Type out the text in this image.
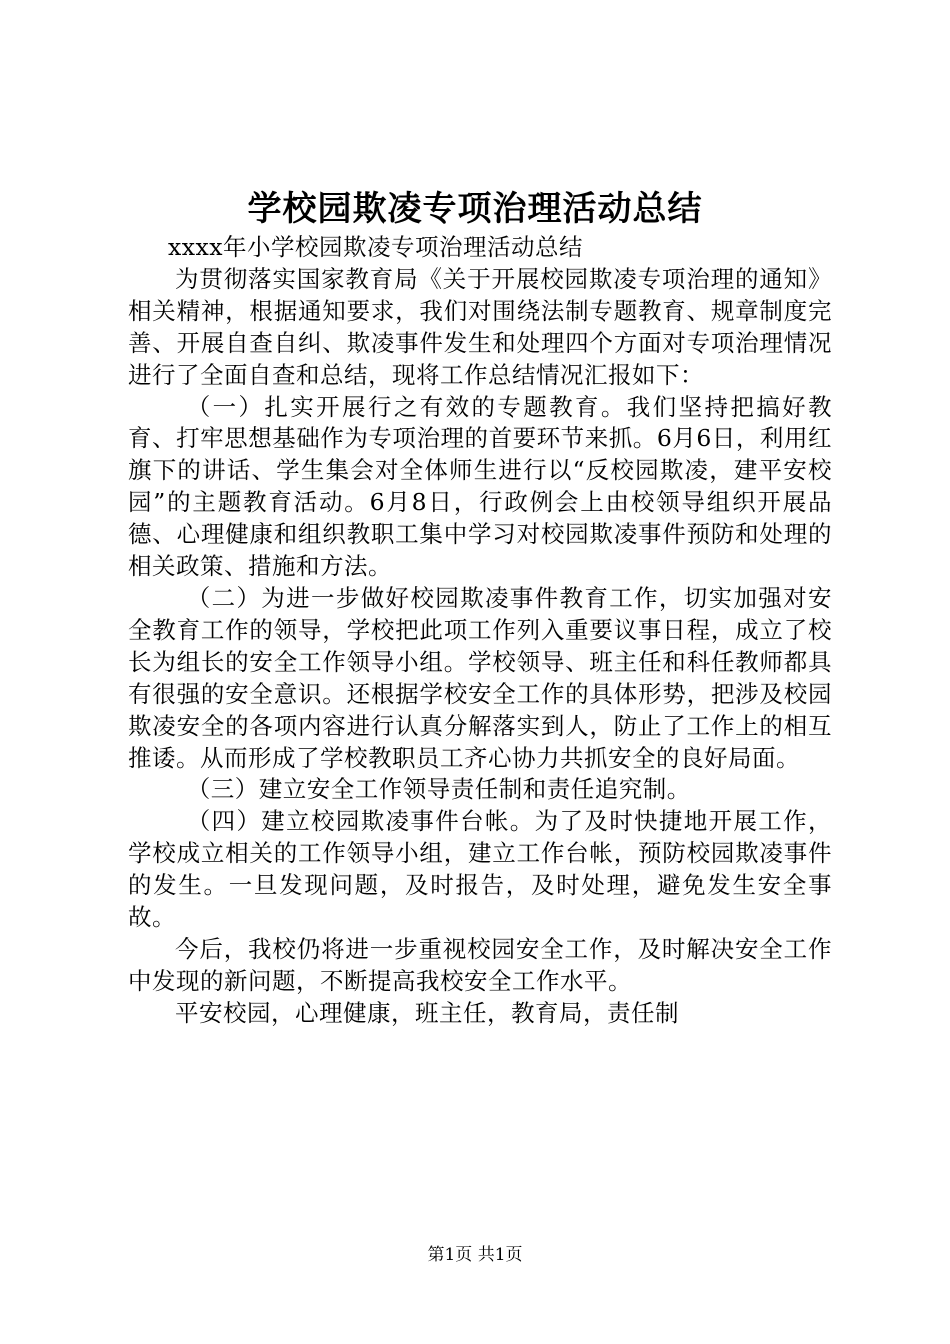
学校园欺凌专项治理活动总结

xxxx年小学校园欺凌专项治理活动总结

为贯彻落实国家教育局《关于开展校园欺凌专项治理的通知》相关精神，根据通知要求，我们对围绕法制专题教育、规章制度完善、开展自查自纠、欺凌事件发生和处理四个方面对专项治理情况进行了全面自查和总结，现将工作总结情况汇报如下：

（一）扎实开展行之有效的专题教育。我们坚持把搞好教育、打牢思想基础作为专项治理的首要环节来抓。6月6日，利用红旗下的讲话、学生集会对全体师生进行以“反校园欺凌，建平安校园”的主题教育活动。6月8日，行政例会上由校领导组织开展品德、心理健康和组织教职工集中学习对校园欺凌事件预防和处理的相关政策、措施和方法。

（二）为进一步做好校园欺凌事件教育工作，切实加强对安全教育工作的领导，学校把此项工作列入重要议事日程，成立了校长为组长的安全工作领导小组。学校领导、班主任和科任教师都具有很强的安全意识。还根据学校安全工作的具体形势，把涉及校园欺凌安全的各项内容进行认真分解落实到人，防止了工作上的相互推诿。从而形成了学校教职员工齐心协力共抓安全的良好局面。

（三）建立安全工作领导责任制和责任追究制。

（四）建立校园欺凌事件台帐。为了及时快捷地开展工作，学校成立相关的工作领导小组，建立工作台帐，预防校园欺凌事件的发生。一旦发现问题，及时报告，及时处理，避免发生安全事故。

今后，我校仍将进一步重视校园安全工作，及时解决安全工作中发现的新问题，不断提高我校安全工作水平。

平安校园，心理健康，班主任，教育局，责任制

第1页 共1页
